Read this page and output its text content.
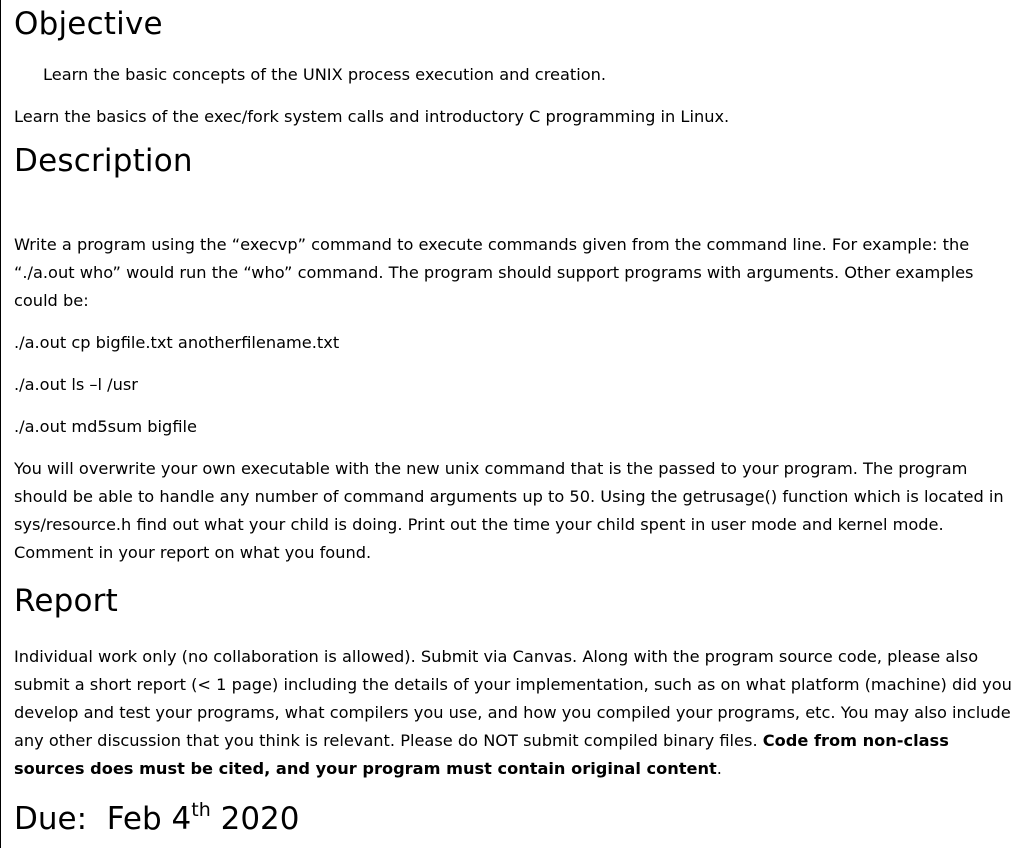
Objective

Learn the basic concepts of the UNIX process execution and creation.

Learn the basics of the exec/fork system calls and introductory C programming in Linux.

Description

Write a program using the “execvp” command to execute commands given from the command line. For example: the “./a.out who” would run the “who” command. The program should support programs with arguments. Other examples could be:

./a.out cp bigfile.txt anotherfilename.txt

./a.out ls –l /usr

./a.out md5sum bigfile

You will overwrite your own executable with the new unix command that is the passed to your program. The program should be able to handle any number of command arguments up to 50. Using the getrusage() function which is located in sys/resource.h find out what your child is doing. Print out the time your child spent in user mode and kernel mode. Comment in your report on what you found.

Report

Individual work only (no collaboration is allowed). Submit via Canvas. Along with the program source code, please also submit a short report (< 1 page) including the details of your implementation, such as on what platform (machine) did you develop and test your programs, what compilers you use, and how you compiled your programs, etc. You may also include any other discussion that you think is relevant. Please do NOT submit compiled binary files. Code from non-class sources does must be cited, and your program must contain original content.

Due: Feb 4th 2020
